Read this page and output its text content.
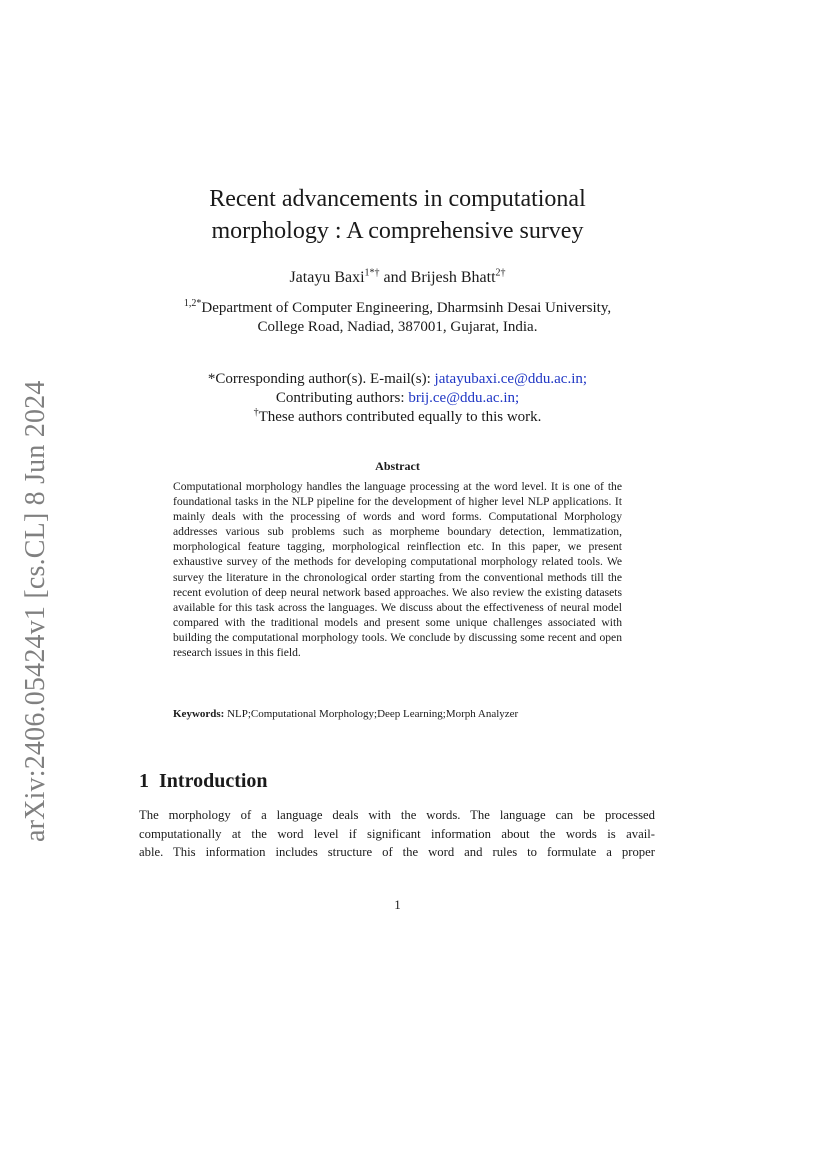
arXiv:2406.05424v1 [cs.CL] 8 Jun 2024
Recent advancements in computational
morphology : A comprehensive survey
Jatayu Baxi$^{1*\dagger}$ and Brijesh Bhatt$^{2\dagger}$
$^{1,2*}$Department of Computer Engineering, Dharmsinh Desai University,
College Road, Nadiad, 387001, Gujarat, India.
*Corresponding author(s). E-mail(s): jatayubaxi.ce@ddu.ac.in;
Contributing authors: brij.ce@ddu.ac.in;
†These authors contributed equally to this work.
Abstract
Computational morphology handles the language processing at the word level. It is one of the foundational tasks in the NLP pipeline for the development of higher level NLP applications. It mainly deals with the processing of words and word forms. Computational Morphology addresses various sub problems such as morpheme boundary detection, lemmatization, morphological feature tagging, morphological reinflection etc. In this paper, we present exhaustive survey of the methods for developing computational morphology related tools. We survey the literature in the chronological order starting from the conventional methods till the recent evolution of deep neural network based approaches. We also review the existing datasets available for this task across the languages. We discuss about the effectiveness of neural model compared with the traditional models and present some unique challenges associated with building the computational morphology tools. We conclude by discussing some recent and open research issues in this field.
Keywords: NLP;Computational Morphology;Deep Learning;Morph Analyzer
1 Introduction
The morphology of a language deals with the words. The language can be processed
computationally at the word level if significant information about the words is avail-
able. This information includes structure of the word and rules to formulate a proper
1
